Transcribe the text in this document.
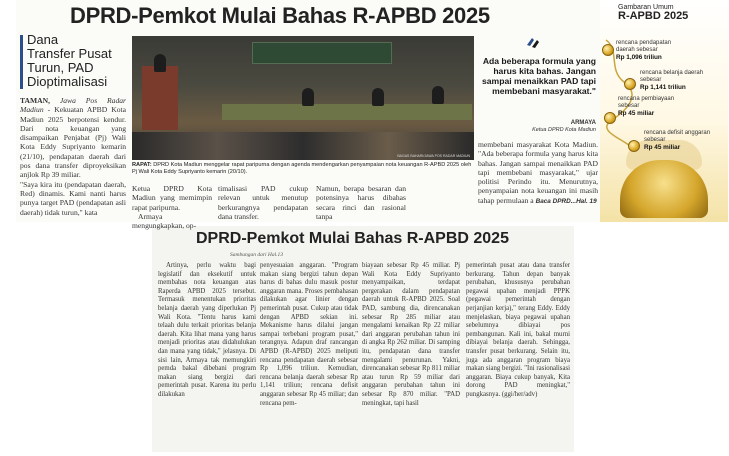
DPRD-Pemkot Mulai Bahas R-APBD 2025
Dana
Transfer Pusat
Turun, PAD
Dioptimalisasi

TAMAN, Jawa Pos Radar Madiun - Kekuatan APBD Kota Madiun 2025 berpotensi kendur. Dari nota keuangan yang disampaikan Penjabat (Pj) Wali Kota Eddy Supriyanto kemarin (21/10), pendapatan daerah dari pos dana transfer diproyeksikan anjlok Rp 39 miliar.

"Saya kira itu (pendapatan daerah, Red) dinamis. Kami nanti harus punya target PAD (pendapatan asli daerah) tidak turun," kata

BAGAS BAHARI/JAWA POS RADAR MADIUN
RAPAT: DPRD Kota Madiun menggelar rapat paripurna dengan agenda mendengarkan penyampaian nota keuangan R-APBD 2025 oleh Pj Wali Kota Eddy Supriyanto kemarin (20/10).

Ketua DPRD Kota Madiun yang memimpin rapat paripurna.

Armaya mengungkapkan, op-

timalisasi PAD cukup relevan untuk menutup berkurangnya pendapatan dana transfer.

Namun, berapa besaran dan potensinya harus dibahas secara rinci dan rasional tanpa

Ada beberapa formula yang harus kita bahas. Jangan sampai menaikkan PAD tapi membebani masyarakat."
ARMAYA
Ketua DPRD Kota Madiun
membebani masyarakat Kota Madiun. "Ada beberapa formula yang harus kita bahas. Jangan sampai menaikkan PAD tapi membebani masyarakat," ujar politisi Perindo itu. Menurutnya, penyampaian nota keuangan ini masih tahap permulaan a Baca DPRD...Hal. 19
Gambaran Umum
R-APBD 2025
rencana pendapatan daerah sebesar
Rp 1,096 triliun
rencana belanja daerah sebesar
Rp 1,141 triliun
rencana pembiayaan sebesar
Rp 45 miliar
rencana defisit anggaran sebesar
Rp 45 miliar
DPRD-Pemkot Mulai Bahas R-APBD 2025
Sambungan dari Hal.13
Artinya, perlu waktu bagi legislatif dan eksekutif untuk membahas nota keuangan atas Raperda APBD 2025 tersebut. Termasuk menentukan prioritas belanja daerah yang diperlukan Pj Wali Kota. "Tentu harus kami telaah dulu terkait prioritas belanja daerah. Kita lihat mana yang harus menjadi prioritas atau didahulukan dan mana yang tidak," jelasnya. Di sisi lain, Armaya tak memungkiri pemda bakal dibebani program makan siang bergizi dari pemerintah pusat. Karena itu perlu dilakukan
penyesuaian anggaran. "Program makan siang bergizi tahun depan harus di bahas dulu masuk postur anggaran mana. Proses pembahasan dilakukan agar linier dengan pemerintah pusat. Cukup atau tidak dengan APBD sekian ini. Mekanisme harus dilalui jangan sampai terbebani program pusat," terangnya. Adapun draf rancangan APBD (R-APBD) 2025 meliputi rencana pendapatan daerah sebesar Rp 1,096 triliun. Kemudian, rencana belanja daerah sebesar Rp 1,141 triliun; rencana defisit anggaran sebesar Rp 45 miliar; dan rencana pem-
biayaan sebesar Rp 45 miliar. Pj Wali Kota Eddy Supriyanto menyampaikan, terdapat pergerakan dalam pendapatan daerah untuk R-APBD 2025. Soal PAD, sambung dia, direncanakan sebesar Rp 285 miliar atau mengalami kenaikan Rp 22 miliar dari anggaran perubahan tahun ini di angka Rp 262 miliar. Di samping itu, pendapatan dana transfer mengalami penurunan. Yakni, direncanakan sebesar Rp 811 miliar atau turun Rp 59 miliar dari anggaran perubahan tahun ini sebesar Rp 870 miliar. "PAD meningkat, tapi hasil
pemerintah pusat atau dana transfer berkurang. Tahun depan banyak perubahan, khususnya perubahan pegawai upahan menjadi PPPK (pegawai pemerintah dengan perjanjian kerja)," terang Eddy. Eddy menjelaskan, biaya pegawai upahan sebelumnya dibiayai pos pembangunan. Kali ini, bakal murni dibiayai belanja daerah. Sehingga, transfer pusat berkurang. Selain itu, juga ada anggaran program biaya makan siang bergizi. "Ini rasionalisasi anggaran. Biaya cukup banyak, Kita dorong PAD meningkat," pungkasnya. (ggi/her/adv)
